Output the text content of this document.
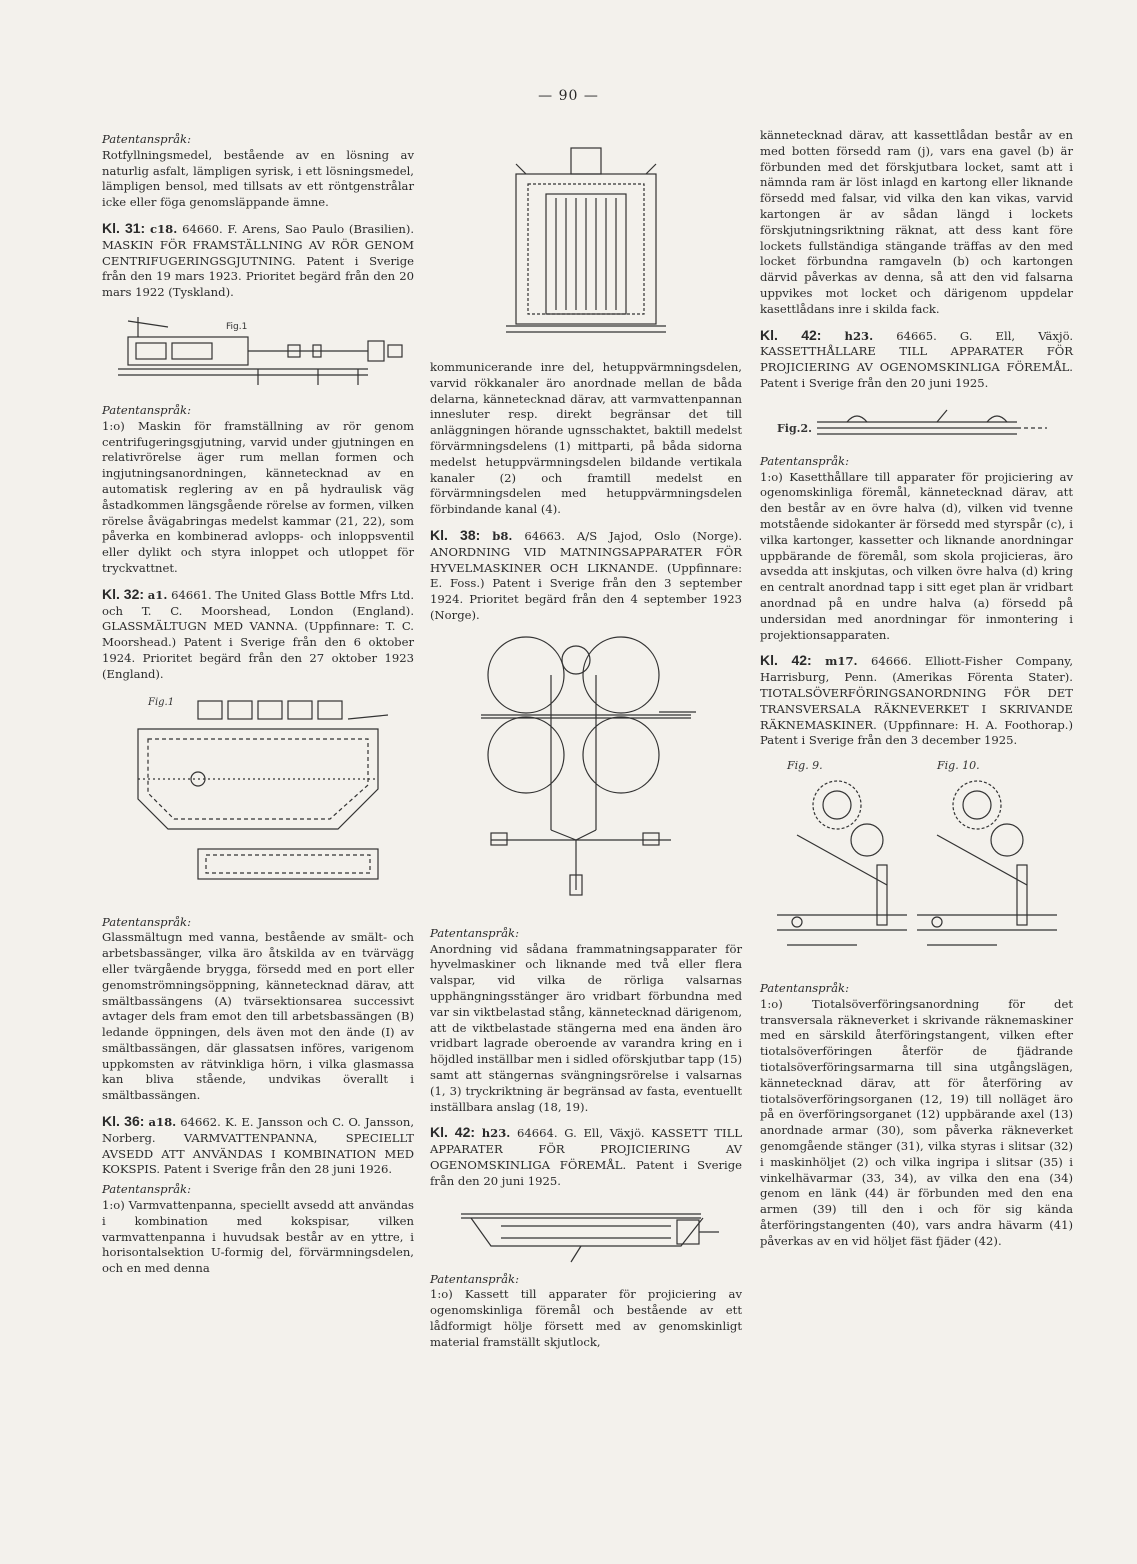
— 90 —

Patentanspråk:

Rotfyllningsmedel, bestående av en lösning av naturlig asfalt, lämpligen syrisk, i ett lösningsmedel, lämpligen bensol, med tillsats av ett röntgenstrålar icke eller föga genomsläppande ämne.

Kl. 31: c18. 64660. F. Arens, Sao Paulo (Brasilien). MASKIN FÖR FRAMSTÄLLNING AV RÖR GENOM CENTRIFUGERINGSGJUTNING. Patent i Sverige från den 19 mars 1923. Prioritet begärd från den 20 mars 1922 (Tyskland).
Fig.1

Patentanspråk:

1:o) Maskin för framställning av rör genom centrifugeringsgjutning, varvid under gjutningen en relativrörelse äger rum mellan formen och ingjutningsanordningen, kännetecknad av en automatisk reglering av en på hydraulisk väg åstadkommen längsgående rörelse av formen, vilken rörelse åvägabringas medelst kammar (21, 22), som påverka en kombinerad avlopps- och inloppsventil eller dylikt och styra inloppet och utloppet för tryckvattnet.

Kl. 32: a1. 64661. The United Glass Bottle Mfrs Ltd. och T. C. Moorshead, London (England). GLASSMÄLTUGN MED VANNA. (Uppfinnare: T. C. Moorshead.) Patent i Sverige från den 6 oktober 1924. Prioritet begärd från den 27 oktober 1923 (England).
Fig.1

Patentanspråk:

Glassmältugn med vanna, bestående av smält- och arbetsbassänger, vilka äro åtskilda av en tvärvägg eller tvärgående brygga, försedd med en port eller genomströmningsöppning, kännetecknad därav, att smältbassängens (A) tvärsektionsarea successivt avtager dels fram emot den till arbetsbassängen (B) ledande öppningen, dels även mot den ände (I) av smältbassängen, där glassatsen införes, varigenom uppkomsten av rätvinkliga hörn, i vilka glasmassa kan bliva stående, undvikas överallt i smältbassängen.

Kl. 36: a18. 64662. K. E. Jansson och C. O. Jansson, Norberg. VARMVATTENPANNA, SPECIELLT AVSEDD ATT ANVÄNDAS I KOMBINATION MED KOKSPIS. Patent i Sverige från den 28 juni 1926.

Patentanspråk:

1:o) Varmvattenpanna, speciellt avsedd att användas i kombination med kokspisar, vilken varmvattenpanna i huvudsak består av en yttre, i horisontalsektion U-formig del, förvärmningsdelen, och en med denna

kommunicerande inre del, hetuppvärmningsdelen, varvid rökkanaler äro anordnade mellan de båda delarna, kännetecknad därav, att varmvattenpannan innesluter resp. direkt begränsar det till anläggningen hörande ugnsschaktet, baktill medelst förvärmningsdelens (1) mittparti, på båda sidorna medelst hetuppvärmningsdelen bildande vertikala kanaler (2) och framtill medelst en förvärmningsdelen med hetuppvärmningsdelen förbindande kanal (4).

Kl. 38: b8. 64663. A/S Jajod, Oslo (Norge). ANORDNING VID MATNINGSAPPARATER FÖR HYVELMASKINER OCH LIKNANDE. (Uppfinnare: E. Foss.) Patent i Sverige från den 3 september 1924. Prioritet begärd från den 4 september 1923 (Norge).

Patentanspråk:

Anordning vid sådana frammatningsapparater för hyvelmaskiner och liknande med två eller flera valspar, vid vilka de rörliga valsarnas upphängningsstänger äro vridbart förbundna med var sin viktbelastad stång, kännetecknad därigenom, att de viktbelastade stängerna med ena änden äro vridbart lagrade oberoende av varandra kring en i höjdled inställbar men i sidled oförskjutbar tapp (15) samt att stängernas svängningsrörelse i valsarnas (1, 3) tryckriktning är begränsad av fasta, eventuellt inställbara anslag (18, 19).

Kl. 42: h23. 64664. G. Ell, Växjö. KASSETT TILL APPARATER FÖR PROJICIERING AV OGENOMSKINLIGA FÖREMÅL. Patent i Sverige från den 20 juni 1925.

Patentanspråk:

1:o) Kassett till apparater för projiciering av ogenomskinliga föremål och bestående av ett lådformigt hölje försett med av genomskinligt material framställt skjutlock,

kännetecknad därav, att kassettlådan består av en med botten försedd ram (j), vars ena gavel (b) är förbunden med det förskjutbara locket, samt att i nämnda ram är löst inlagd en kartong eller liknande försedd med falsar, vid vilka den kan vikas, varvid kartongen är av sådan längd i lockets förskjutningsriktning räknat, att dess kant före lockets fullständiga stängande träffas av den med locket förbundna ramgaveln (b) och kartongen därvid påverkas av denna, så att den vid falsarna uppvikes mot locket och därigenom uppdelar kasettlådans inre i skilda fack.

Kl. 42: h23. 64665. G. Ell, Växjö. KASSETTHÅLLARE TILL APPARATER FÖR PROJICIERING AV OGENOMSKINLIGA FÖREMÅL. Patent i Sverige från den 20 juni 1925.
Fig.2.

Patentanspråk:

1:o) Kasetthållare till apparater för projiciering av ogenomskinliga föremål, kännetecknad därav, att den består av en övre halva (d), vilken vid tvenne motstående sidokanter är försedd med styrspår (c), i vilka kartonger, kassetter och liknande anordningar uppbärande de föremål, som skola projicieras, äro avsedda att inskjutas, och vilken övre halva (d) kring en centralt anordnad tapp i sitt eget plan är vridbart anordnad på en undre halva (a) försedd på undersidan med anordningar för inmontering i projektionsapparaten.

Kl. 42: m17. 64666. Elliott-Fisher Company, Harrisburg, Penn. (Amerikas Förenta Stater). TIOTALSÖVERFÖRINGSANORDNING FÖR DET TRANSVERSALA RÄKNEVERKET I SKRIVANDE RÄKNEMASKINER. (Uppfinnare: H. A. Foothorap.) Patent i Sverige från den 3 december 1925.
Fig. 9.	Fig. 10.

Patentanspråk:

1:o) Tiotalsöverföringsanordning för det transversala räkneverket i skrivande räknemaskiner med en särskild återföringstangent, vilken efter tiotalsöverföringen återför de fjädrande tiotalsöverföringsarmarna till sina utgångslägen, kännetecknad därav, att för återföring av tiotalsöverföringsorganen (12, 19) till nolläget äro på en överföringsorganet (12) uppbärande axel (13) anordnade armar (30), som påverka räkneverket genomgående stänger (31), vilka styras i slitsar (32) i maskinhöljet (2) och vilka ingripa i slitsar (35) i vinkelhävarmar (33, 34), av vilka den ena (34) genom en länk (44) är förbunden med den ena armen (39) till den i och för sig kända återföringstangenten (40), vars andra hävarm (41) påverkas av en vid höljet fäst fjäder (42).
